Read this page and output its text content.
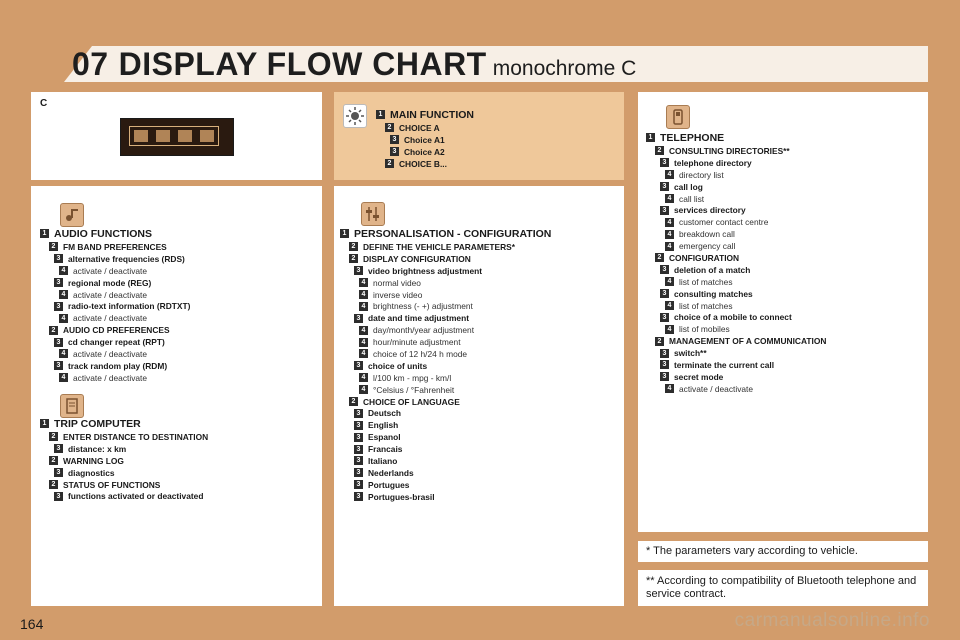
07 DISPLAY FLOW CHART monochrome C
C
1 MAIN FUNCTION
2 CHOICE A
3 Choice A1
3 Choice A2
2 CHOICE B...
1 AUDIO FUNCTIONS
2 FM BAND PREFERENCES
3 alternative frequencies (RDS)
4 activate / deactivate
3 regional mode (REG)
4 activate / deactivate
3 radio-text information (RDTXT)
4 activate / deactivate
2 AUDIO CD PREFERENCES
3 cd changer repeat (RPT)
4 activate / deactivate
3 track random play (RDM)
4 activate / deactivate
1 TRIP COMPUTER
2 ENTER DISTANCE TO DESTINATION
3 distance: x km
2 WARNING LOG
3 diagnostics
2 STATUS OF FUNCTIONS
3 functions activated or deactivated
1 PERSONALISATION - CONFIGURATION
2 DEFINE THE VEHICLE PARAMETERS*
2 DISPLAY CONFIGURATION
3 video brightness adjustment
4 normal video
4 inverse video
4 brightness (- +) adjustment
3 date and time adjustment
4 day/month/year adjustment
4 hour/minute adjustment
4 choice of 12 h/24 h mode
3 choice of units
4 l/100 km - mpg - km/l
4 °Celsius / °Fahrenheit
2 CHOICE OF LANGUAGE
3 Deutsch
3 English
3 Espanol
3 Francais
3 Italiano
3 Nederlands
3 Portugues
3 Portugues-brasil
1 TELEPHONE
2 CONSULTING DIRECTORIES**
3 telephone directory
4 directory list
3 call log
4 call list
3 services directory
4 customer contact centre
4 breakdown call
4 emergency call
2 CONFIGURATION
3 deletion of a match
4 list of matches
3 consulting matches
4 list of matches
3 choice of a mobile to connect
4 list of mobiles
2 MANAGEMENT OF A COMMUNICATION
3 switch**
3 terminate the current call
3 secret mode
4 activate / deactivate
* The parameters vary according to vehicle.
** According to compatibility of Bluetooth telephone and service contract.
164	carmanualsonline.info
